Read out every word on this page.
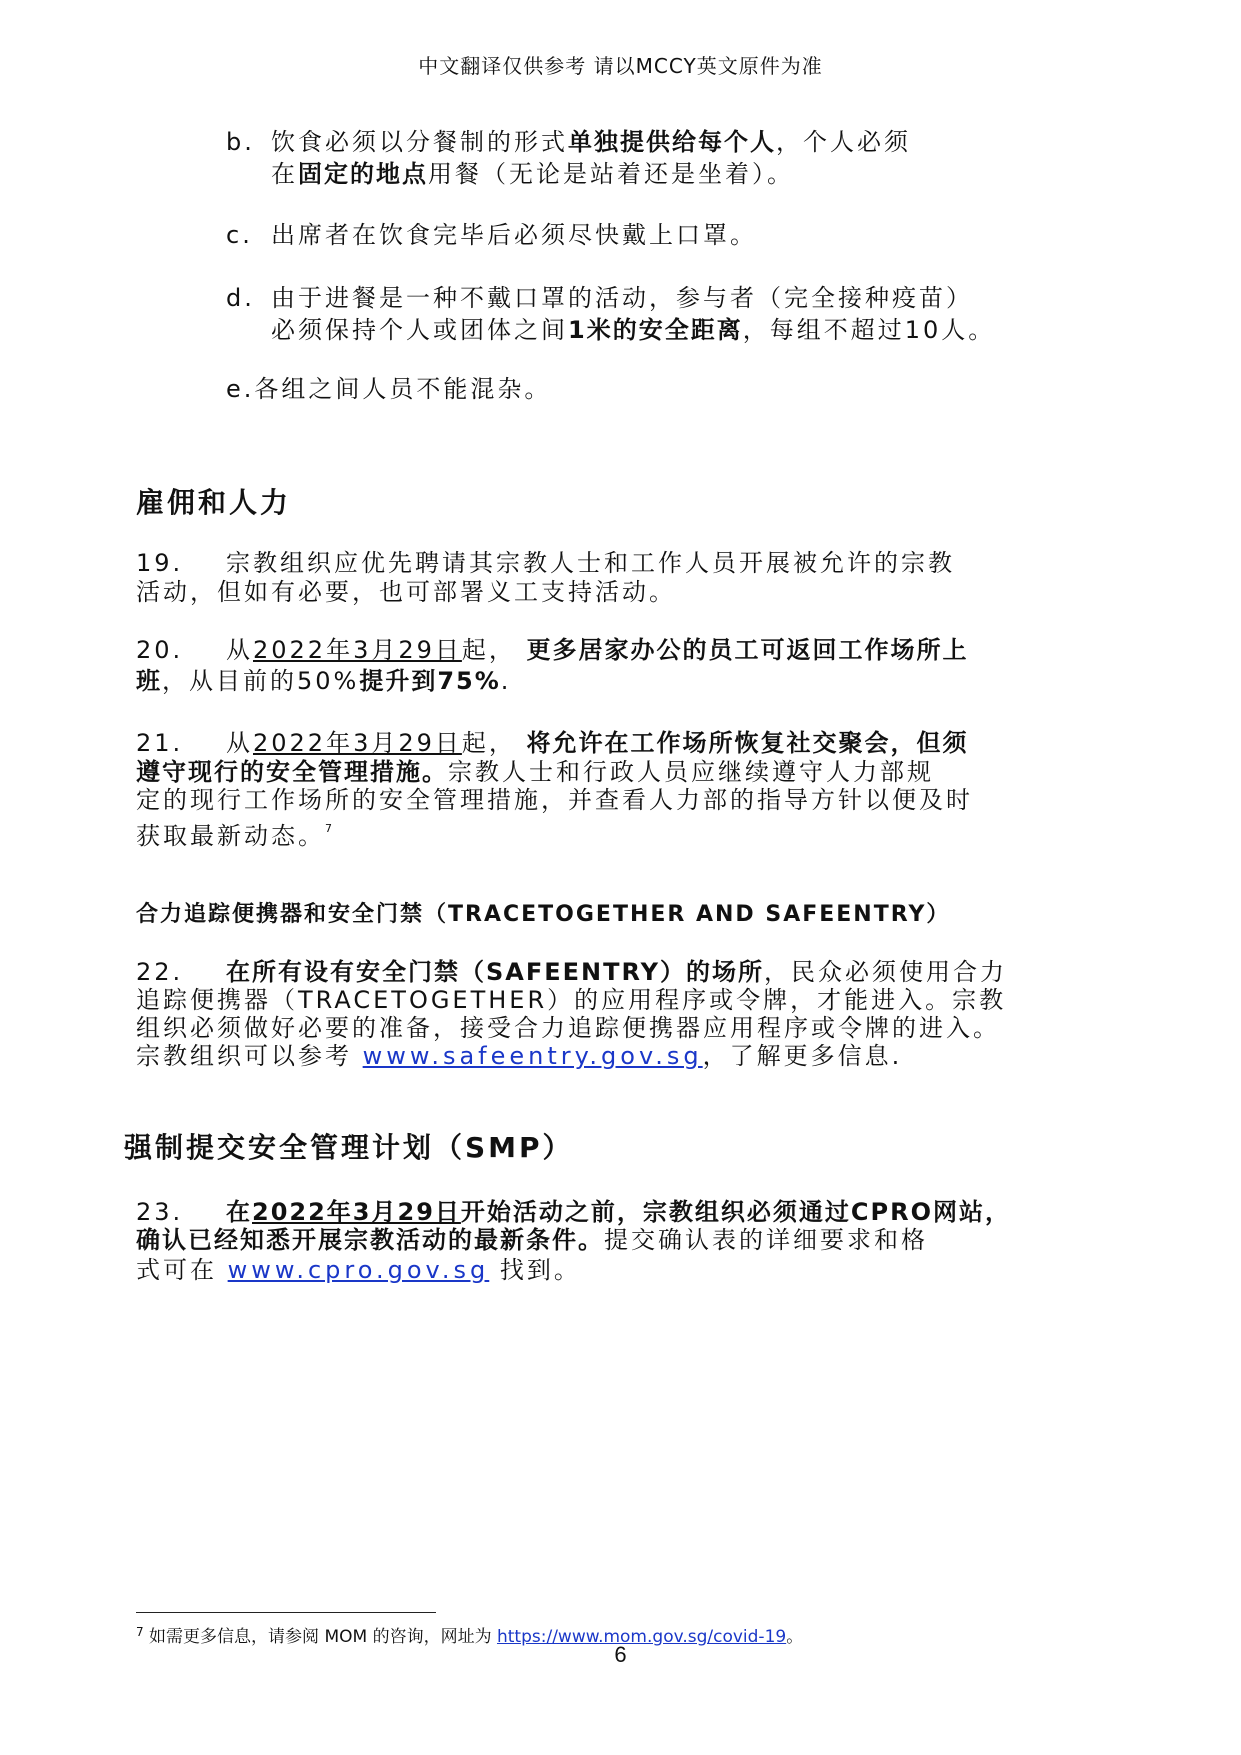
中文翻译仅供参考 请以MCCY英文原件为准

b. 饮食必须以分餐制的形式单独提供给每个人，个人必须

在固定的地点用餐（无论是站着还是坐着）。

c. 出席者在饮食完毕后必须尽快戴上口罩。

d. 由于进餐是一种不戴口罩的活动，参与者（完全接种疫苗）

必须保持个人或团体之间1米的安全距离，每组不超过10人。

e.各组之间人员不能混杂。

雇佣和人力

19. 宗教组织应优先聘请其宗教人士和工作人员开展被允许的宗教

活动，但如有必要，也可部署义工支持活动。

20. 从2022年3月29日起， 更多居家办公的员工可返回工作场所上

班，从目前的50%提升到75%.

21. 从2022年3月29日起， 将允许在工作场所恢复社交聚会，但须

遵守现行的安全管理措施。宗教人士和行政人员应继续遵守人力部规

定的现行工作场所的安全管理措施，并查看人力部的指导方针以便及时

获取最新动态。$^7$

合力追踪便携器和安全门禁（TRACETOGETHER AND SAFEENTRY）

22. 在所有设有安全门禁（SAFEENTRY）的场所，民众必须使用合力

追踪便携器（TRACETOGETHER）的应用程序或令牌，才能进入。宗教

组织必须做好必要的准备，接受合力追踪便携器应用程序或令牌的进入。

宗教组织可以参考 www.safeentry.gov.sg，了解更多信息.

强制提交安全管理计划（SMP）

23. 在2022年3月29日开始活动之前，宗教组织必须通过CPRO网站，

确认已经知悉开展宗教活动的最新条件。提交确认表的详细要求和格

式可在 www.cpro.gov.sg 找到。

$^7$ 如需更多信息，请参阅 MOM 的咨询，网址为 https://www.mom.gov.sg/covid-19。
6
